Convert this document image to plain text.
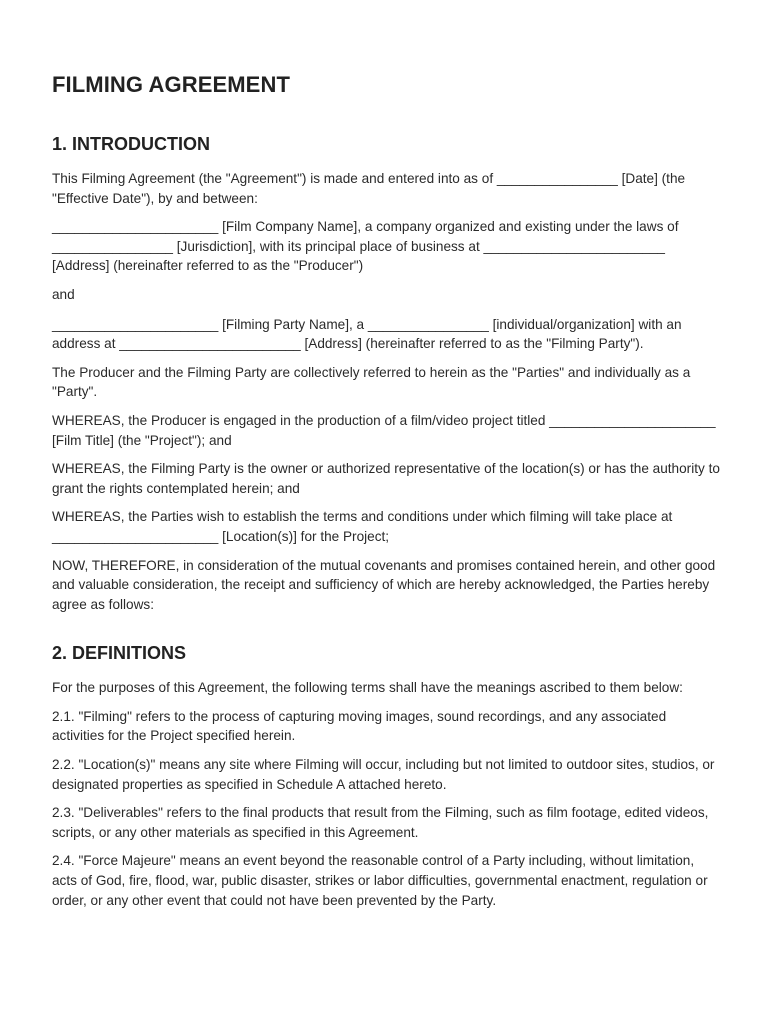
FILMING AGREEMENT
1. INTRODUCTION

This Filming Agreement (the "Agreement") is made and entered into as of ________________ [Date] (the "Effective Date"), by and between:

______________________ [Film Company Name], a company organized and existing under the laws of ________________ [Jurisdiction], with its principal place of business at ________________________ [Address] (hereinafter referred to as the "Producer")

and

______________________ [Filming Party Name], a ________________ [individual/organization] with an address at ________________________ [Address] (hereinafter referred to as the "Filming Party").

The Producer and the Filming Party are collectively referred to herein as the "Parties" and individually as a "Party".

WHEREAS, the Producer is engaged in the production of a film/video project titled ______________________ [Film Title] (the "Project"); and

WHEREAS, the Filming Party is the owner or authorized representative of the location(s) or has the authority to grant the rights contemplated herein; and

WHEREAS, the Parties wish to establish the terms and conditions under which filming will take place at ______________________ [Location(s)] for the Project;

NOW, THEREFORE, in consideration of the mutual covenants and promises contained herein, and other good and valuable consideration, the receipt and sufficiency of which are hereby acknowledged, the Parties hereby agree as follows:

2. DEFINITIONS

For the purposes of this Agreement, the following terms shall have the meanings ascribed to them below:

2.1. "Filming" refers to the process of capturing moving images, sound recordings, and any associated activities for the Project specified herein.

2.2. "Location(s)" means any site where Filming will occur, including but not limited to outdoor sites, studios, or designated properties as specified in Schedule A attached hereto.

2.3. "Deliverables" refers to the final products that result from the Filming, such as film footage, edited videos, scripts, or any other materials as specified in this Agreement.

2.4. "Force Majeure" means an event beyond the reasonable control of a Party including, without limitation, acts of God, fire, flood, war, public disaster, strikes or labor difficulties, governmental enactment, regulation or order, or any other event that could not have been prevented by the Party.
